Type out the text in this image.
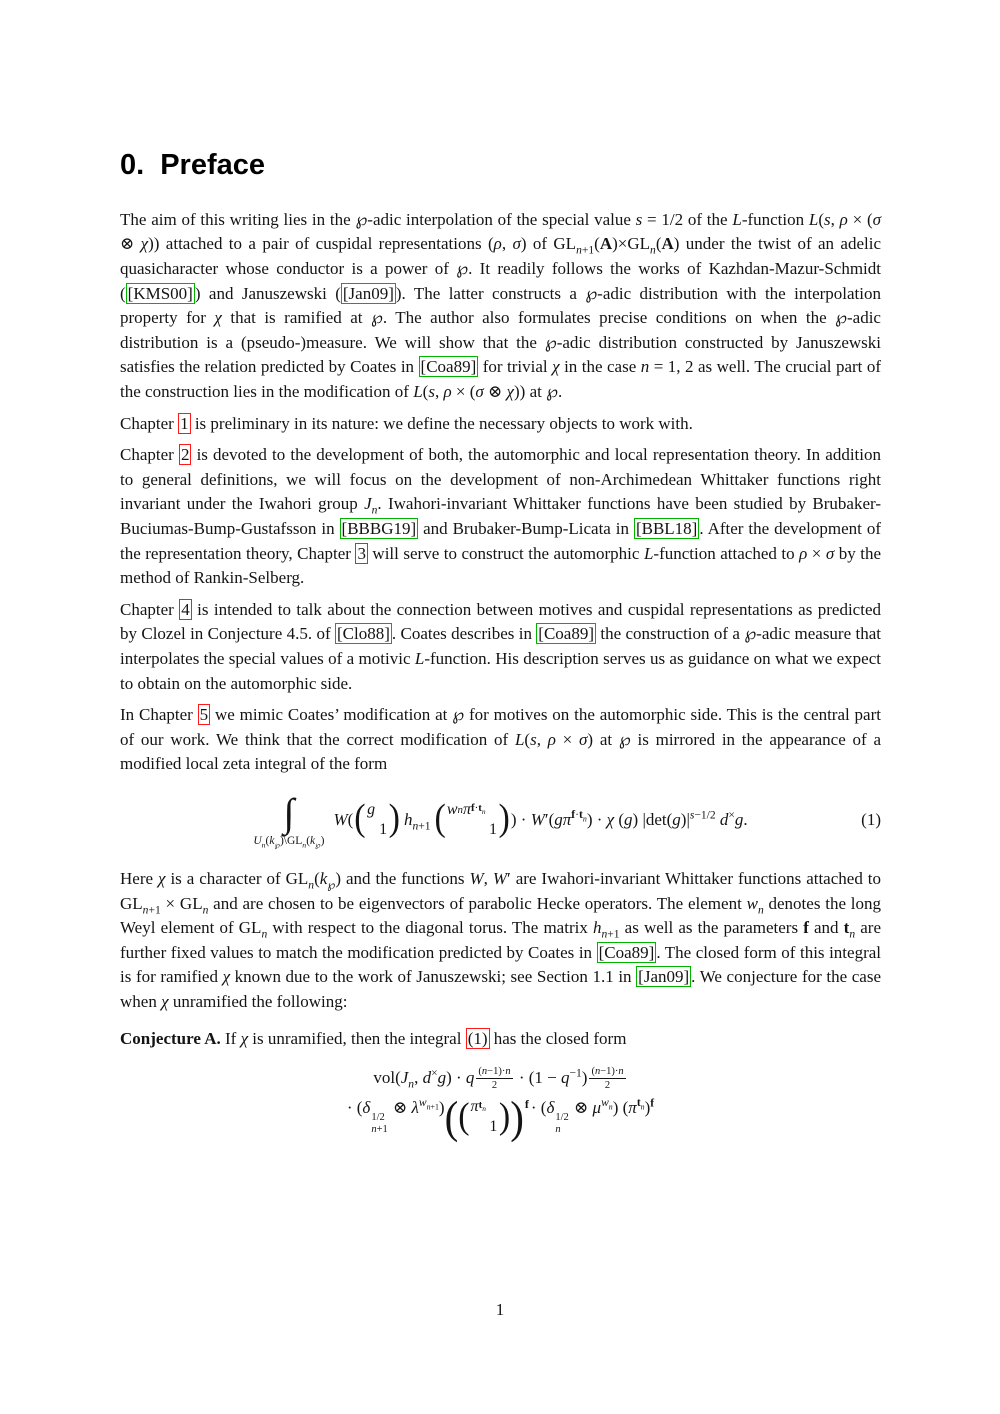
0. Preface

The aim of this writing lies in the ℘-adic interpolation of the special value s = 1/2 of the L-function L(s, ρ × (σ ⊗ χ)) attached to a pair of cuspidal representations (ρ, σ) of $GL_{n+1}(A)\times GL_n(A)$ under the twist of an adelic quasicharacter whose conductor is a power of ℘. It readily follows the works of Kazhdan-Mazur-Schmidt ( [KMS00] ) and Januszewski ( [Jan09] ). The latter constructs a ℘-adic distribution with the interpolation property for χ that is ramified at ℘. The author also formulates precise conditions on when the ℘-adic distribution is a (pseudo-)measure. We will show that the ℘-adic distribution constructed by Januszewski satisfies the relation predicted by Coates in [Coa89] for trivial χ in the case n = 1, 2 as well. The crucial part of the construction lies in the modification of L(s, ρ × (σ ⊗ χ)) at ℘.

Chapter 1 is preliminary in its nature: we define the necessary objects to work with.

Chapter 2 is devoted to the development of both, the automorphic and local representation theory. In addition to general definitions, we will focus on the development of non-Archimedean Whittaker functions right invariant under the Iwahori group $J_n$. Iwahori-invariant Whittaker functions have been studied by Brubaker-Buciumas-Bump-Gustafsson in [BBBG19] and Brubaker-Bump-Licata in [BBL18] . After the development of the representation theory, Chapter 3 will serve to construct the automorphic L-function attached to ρ × σ by the method of Rankin-Selberg.

Chapter 4 is intended to talk about the connection between motives and cuspidal representations as predicted by Clozel in Conjecture 4.5. of [Clo88] . Coates describes in [Coa89] the construction of a ℘-adic measure that interpolates the special values of a motivic L-function. His description serves us as guidance on what we expect to obtain on the automorphic side.

In Chapter 5 we mimic Coates’ modification at ℘ for motives on the automorphic side. This is the central part of our work. We think that the correct modification of L(s, ρ × σ) at ℘ is mirrored in the appearance of a modified local zeta integral of the form

∫
$U_n(k_℘)\backslash GL_n(k_℘)$
W( ( g
1 ) $h_{n+1}$ ( w n π $f\cdot t_n$
1 ) ) · $W'(g\pi^{f\cdot t_n}) \cdot \chi$ (g) $|\det(g)|^{s-1/2}$ d×g.	(1)

Here χ is a character of $GL_n(k_℘)$ and the functions W, W′ are Iwahori-invariant Whittaker functions attached to $GL_{n+1} \times GL_n$ and are chosen to be eigenvectors of parabolic Hecke operators. The element $w_n$ denotes the long Weyl element of $GL_n$ with respect to the diagonal torus. The matrix $h_{n+1}$ as well as the parameters f and $t_n$ are further fixed values to match the modification predicted by Coates in [Coa89] . The closed form of this integral is for ramified χ known due to the work of Januszewski; see Section 1.1 in [Jan09] . We conjecture for the case when χ unramified the following:

Conjecture A. If χ is unramified, then the integral (1) has the closed form

$vol(J_n$, d×g) · q $\frac{(n-1)\cdot n}{2} \cdot (1 - q^{-1}) \frac{(n-1)\cdot n}{2}$
· (δ
1/2
n+1
⊗ $\lambda^{w_{n+1}}$) ( ( π $t_n$
1 ) ) f · (δ
1/2
n
⊗ $\mu^{w_n}$) $(\pi^{t_n})^f$
1
